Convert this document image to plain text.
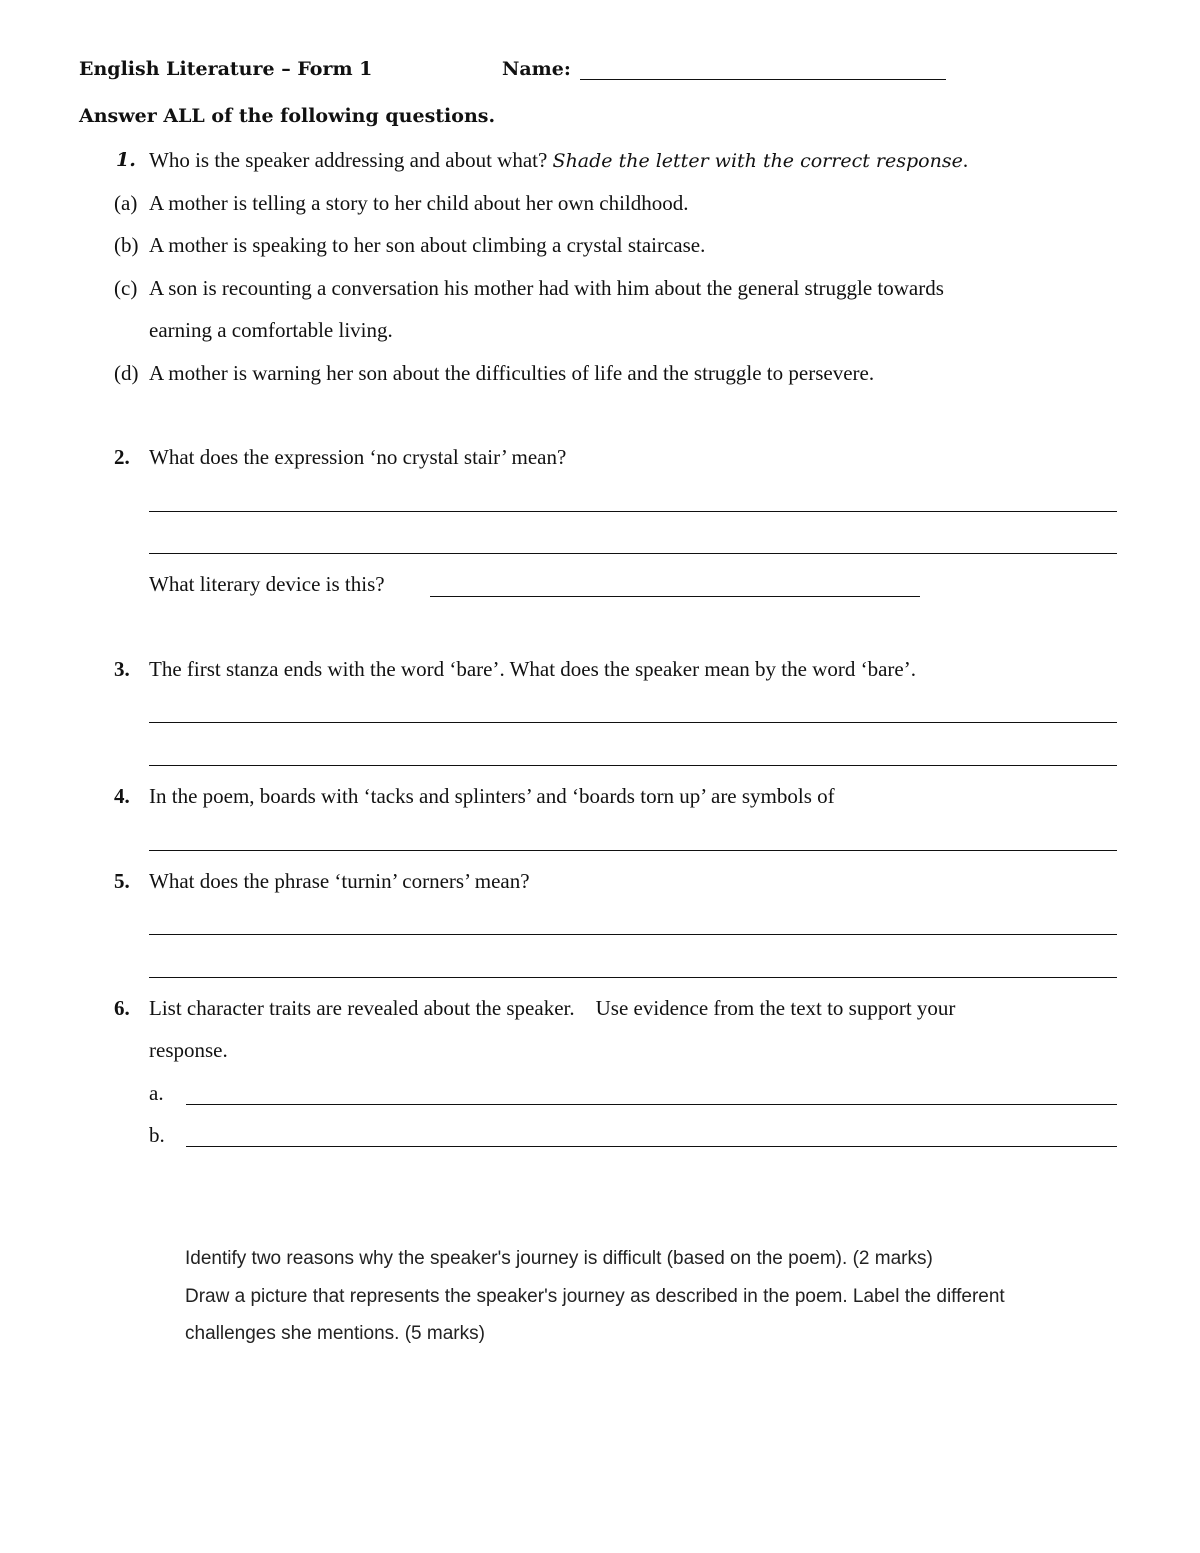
English Literature – Form 1	Name:
Answer ALL of the following questions.
1. Who is the speaker addressing and about what? Shade the letter with the correct response.
(a) A mother is telling a story to her child about her own childhood.
(b) A mother is speaking to her son about climbing a crystal staircase.
(c) A son is recounting a conversation his mother had with him about the general struggle towards
earning a comfortable living.
(d) A mother is warning her son about the difficulties of life and the struggle to persevere.
2. What does the expression ‘no crystal stair’ mean?
What literary device is this?
3. The first stanza ends with the word ‘bare’. What does the speaker mean by the word ‘bare’.
4. In the poem, boards with ‘tacks and splinters’ and ‘boards torn up’ are symbols of
5. What does the phrase ‘turnin’ corners’ mean?
6. List character traits are revealed about the speaker.    Use evidence from the text to support your
response.
a.
b.
Identify two reasons why the speaker's journey is difficult (based on the poem). (2 marks)
Draw a picture that represents the speaker's journey as described in the poem. Label the different
challenges she mentions. (5 marks)
